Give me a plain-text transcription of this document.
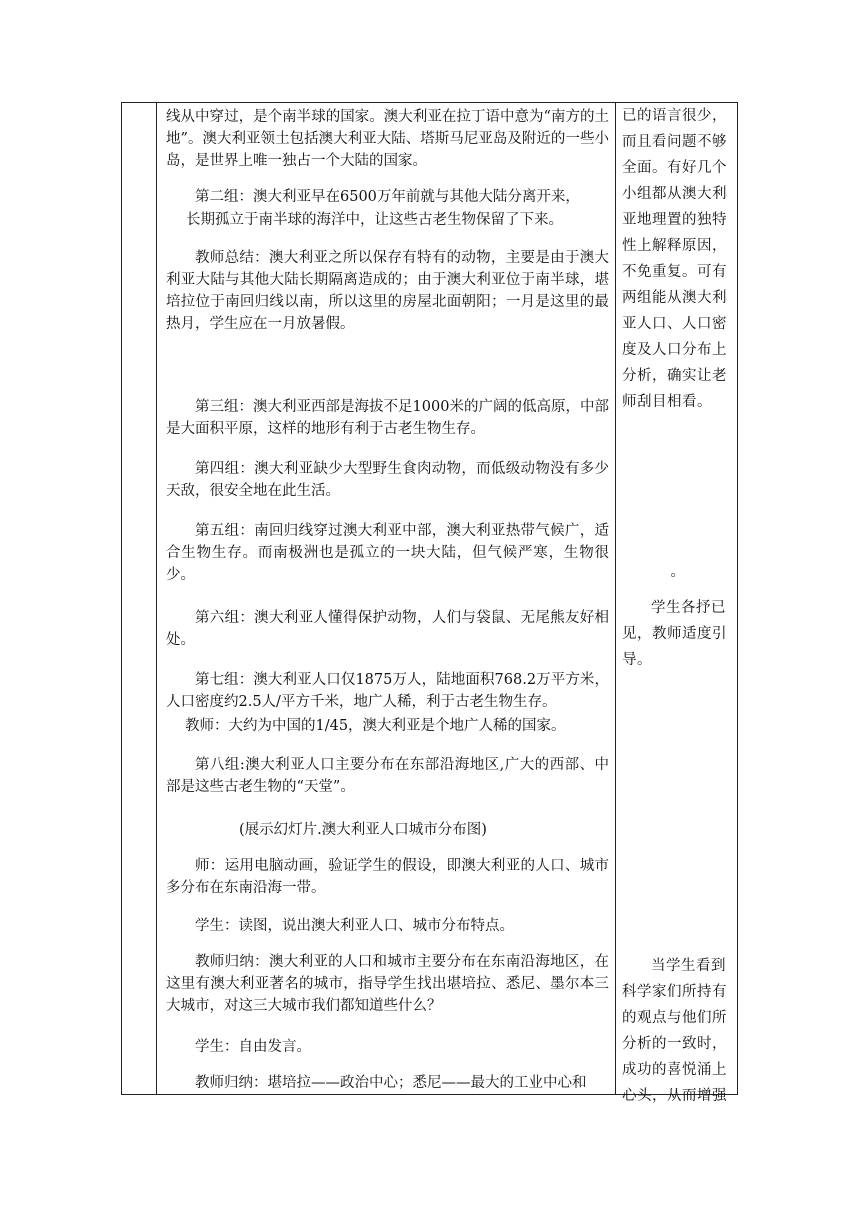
线从中穿过，是个南半球的国家。澳大利亚在拉丁语中意为“南方的土地”。澳大利亚领土包括澳大利亚大陆、塔斯马尼亚岛及附近的一些小岛，是世界上唯一独占一个大陆的国家。

第二组：澳大利亚早在6500万年前就与其他大陆分离开来，

长期孤立于南半球的海洋中，让这些古老生物保留了下来。

教师总结：澳大利亚之所以保存有特有的动物，主要是由于澳大利亚大陆与其他大陆长期隔离造成的；由于澳大利亚位于南半球，堪培拉位于南回归线以南，所以这里的房屋北面朝阳；一月是这里的最热月，学生应在一月放暑假。

第三组：澳大利亚西部是海拔不足1000米的广阔的低高原，中部是大面积平原，这样的地形有利于古老生物生存。

第四组：澳大利亚缺少大型野生食肉动物，而低级动物没有多少天敌，很安全地在此生活。

第五组：南回归线穿过澳大利亚中部，澳大利亚热带气候广，适合生物生存。而南极洲也是孤立的一块大陆，但气候严寒，生物很少。

第六组：澳大利亚人懂得保护动物，人们与袋鼠、无尾熊友好相处。

第七组：澳大利亚人口仅1875万人，陆地面积768.2万平方米，人口密度约2.5人/平方千米，地广人稀，利于古老生物生存。

教师：大约为中国的1/45，澳大利亚是个地广人稀的国家。

第八组:澳大利亚人口主要分布在东部沿海地区,广大的西部、中部是这些古老生物的“天堂”。

(展示幻灯片.澳大利亚人口城市分布图)

师：运用电脑动画，验证学生的假设，即澳大利亚的人口、城市多分布在东南沿海一带。

学生：读图，说出澳大利亚人口、城市分布特点。

教师归纳：澳大利亚的人口和城市主要分布在东南沿海地区，在这里有澳大利亚著名的城市，指导学生找出堪培拉、悉尼、墨尔本三大城市，对这三大城市我们都知道些什么？

学生：自由发言。

教师归纳：堪培拉——政治中心；悉尼——最大的工业中心和

已的语言很少，而且看问题不够全面。有好几个小组都从澳大利亚地理置的独特性上解释原因，不免重复。可有两组能从澳大利亚人口、人口密度及人口分布上分析，确实让老师刮目相看。

。

学生各抒已见，教师适度引导。

当学生看到科学家们所持有的观点与他们所分析的一致时，成功的喜悦涌上心头，从而增强
